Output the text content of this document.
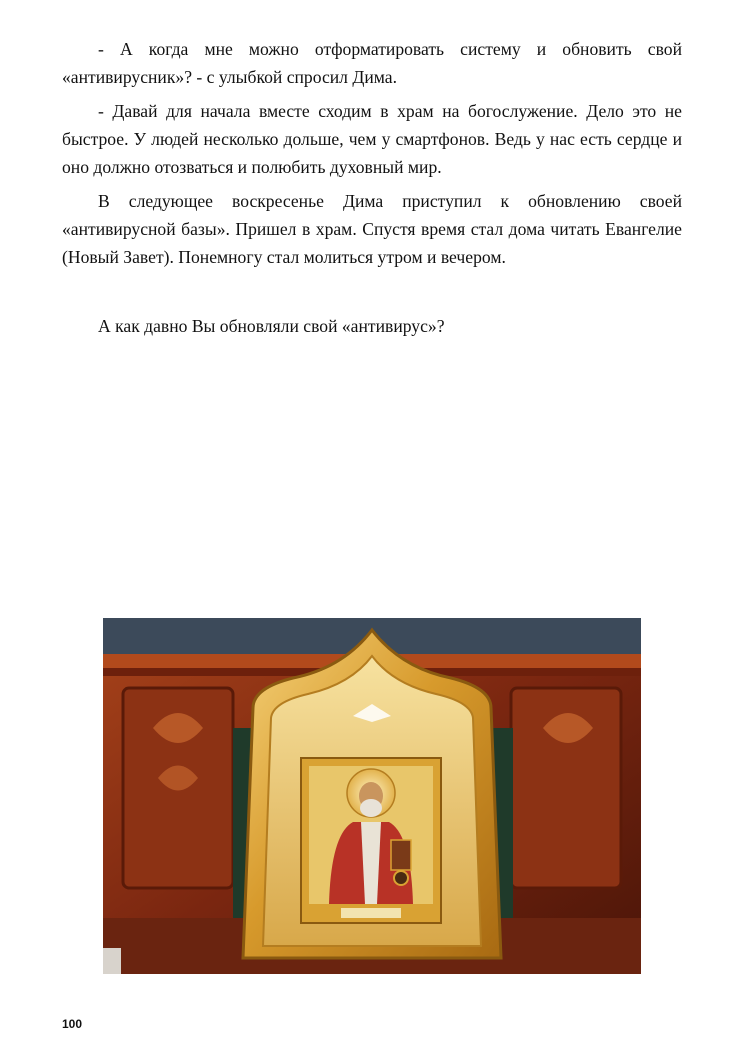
- А когда мне можно отформатировать систему и обновить свой «антивирусник»? - с улыбкой спросил Дима.

- Давай для начала вместе сходим в храм на богослужение. Дело это не быстрое. У людей несколько дольше, чем у смартфонов. Ведь у нас есть сердце и оно должно отозваться и полюбить духовный мир.

В следующее воскресенье Дима приступил к обновлению своей «антивирусной базы». Пришел в храм. Спустя время стал дома читать Евангелие (Новый Завет). Понемногу стал молиться утром и вечером.

А как давно Вы обновляли свой «антивирус»?

100
